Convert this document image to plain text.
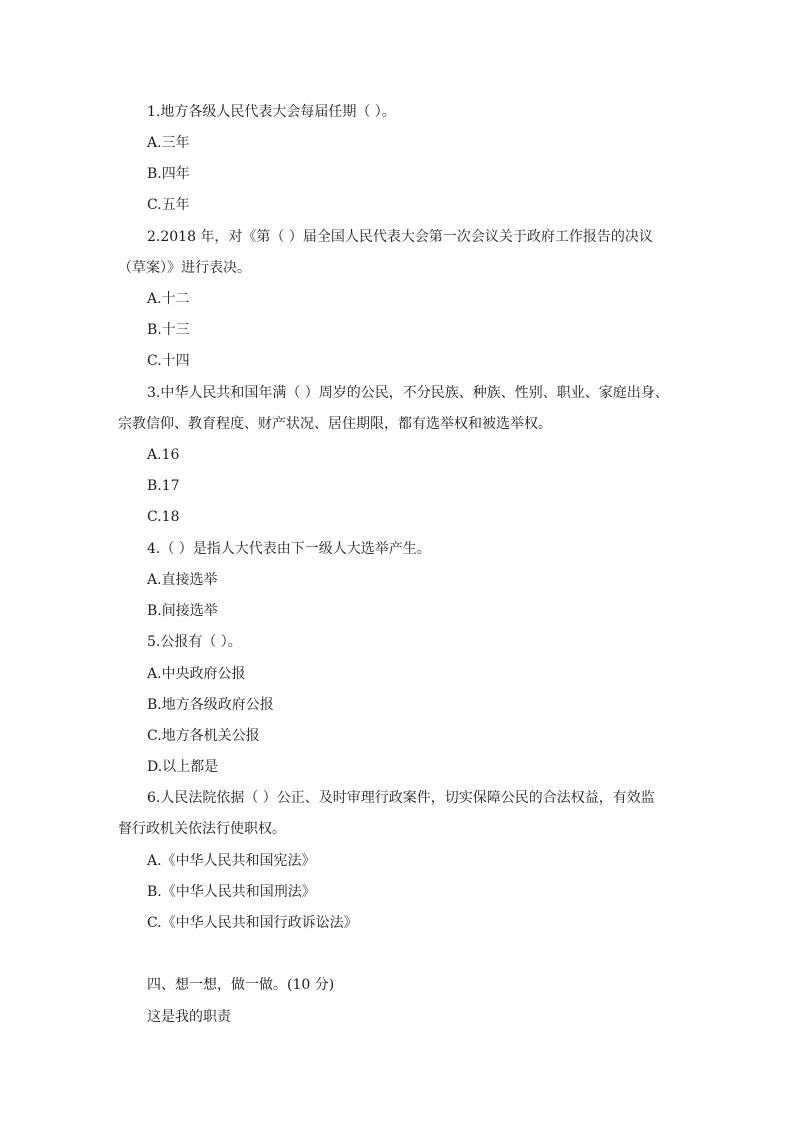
1.地方各级人民代表大会每届任期（ ）。
A.三年
B.四年
C.五年
2.2018 年，对《第（ ）届全国人民代表大会第一次会议关于政府工作报告的决议
（草案）》进行表决。
A.十二
B.十三
C.十四
3.中华人民共和国年满（ ）周岁的公民，不分民族、种族、性别、职业、家庭出身、
宗教信仰、教育程度、财产状况、居住期限，都有选举权和被选举权。
A.16
B.17
C.18
4.（ ）是指人大代表由下一级人大选举产生。
A.直接选举
B.间接选举
5.公报有（ ）。
A.中央政府公报
B.地方各级政府公报
C.地方各机关公报
D.以上都是
6.人民法院依据（ ）公正、及时审理行政案件，切实保障公民的合法权益，有效监
督行政机关依法行使职权。
A.《中华人民共和国宪法》
B.《中华人民共和国刑法》
C.《中华人民共和国行政诉讼法》
四、想一想，做一做。(10 分)
这是我的职责
